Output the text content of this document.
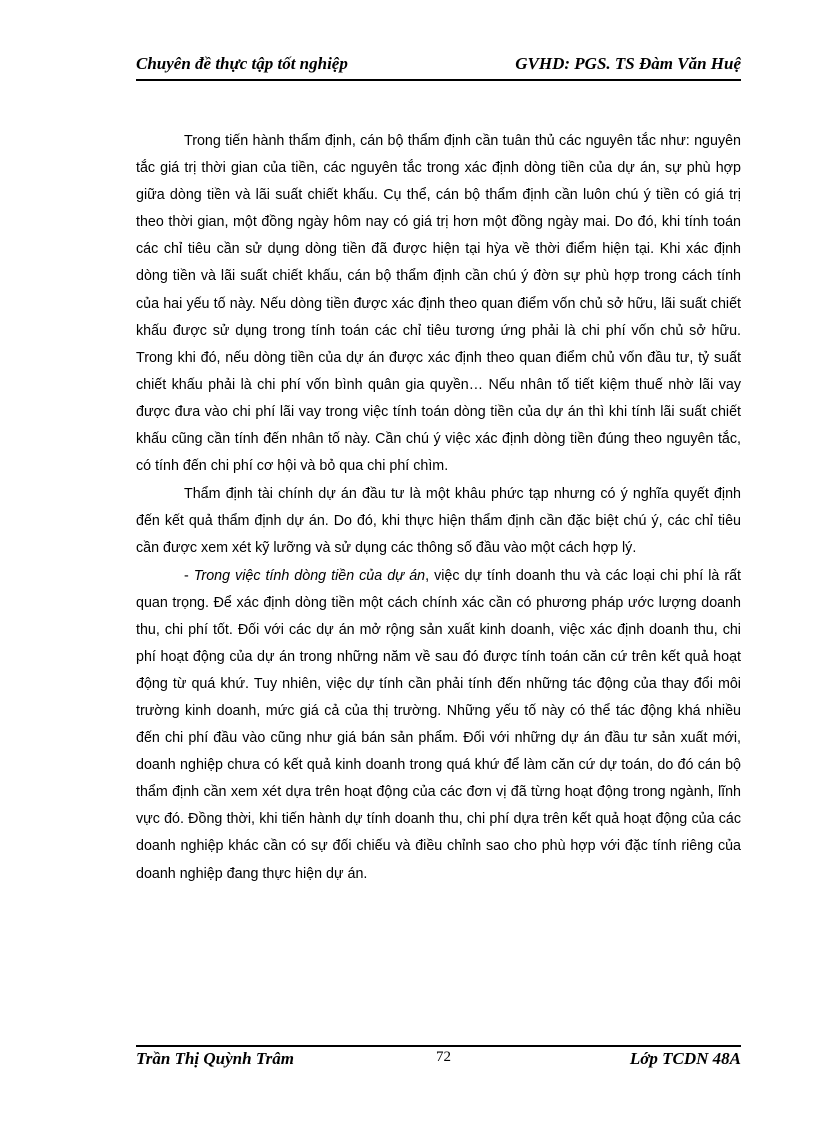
Chuyên đề thực tập tốt nghiệp	GVHD: PGS. TS Đàm Văn Huệ

Trong tiến hành thẩm định, cán bộ thẩm định cần tuân thủ các nguyên tắc như: nguyên tắc giá trị thời gian của tiền, các nguyên tắc trong xác định dòng tiền của dự án, sự phù hợp giữa dòng tiền và lãi suất chiết khấu. Cụ thể, cán bộ thẩm định cần luôn chú ý tiền có giá trị theo thời gian, một đồng ngày hôm nay có giá trị hơn một đồng ngày mai. Do đó, khi tính toán các chỉ tiêu cần sử dụng dòng tiền đã được hiện tại hỳa về thời điểm hiện tại. Khi xác định dòng tiền và lãi suất chiết khấu, cán bộ thẩm định cần chú ý đờn sự phù hợp trong cách tính của hai yếu tố này. Nếu dòng tiền được xác định theo quan điểm vốn chủ sở hữu, lãi suất chiết khấu được sử dụng trong tính toán các chỉ tiêu tương ứng phải là chi phí vốn chủ sở hữu. Trong khi đó, nếu dòng tiền của dự án được xác định theo quan điểm chủ vốn đầu tư, tỷ suất chiết khấu phải là chi phí vốn bình quân gia quyền… Nếu nhân tố tiết kiệm thuế nhờ lãi vay được đưa vào chi phí lãi vay trong việc tính toán dòng tiền của dự án thì khi tính lãi suất chiết khấu cũng cần tính đến nhân tố này. Cần chú ý việc xác định dòng tiền đúng theo nguyên tắc, có tính đến chi phí cơ hội và bỏ qua chi phí chìm.

Thẩm định tài chính dự án đầu tư là một khâu phức tạp nhưng có ý nghĩa quyết định đến kết quả thẩm định dự án. Do đó, khi thực hiện thẩm định cần đặc biệt chú ý, các chỉ tiêu cần được xem xét kỹ lưỡng và sử dụng các thông số đầu vào một cách hợp lý.

- Trong việc tính dòng tiền của dự án, việc dự tính doanh thu và các loại chi phí là rất quan trọng. Để xác định dòng tiền một cách chính xác cần có phương pháp ước lượng doanh thu, chi phí tốt. Đối với các dự án mở rộng sản xuất kinh doanh, việc xác định doanh thu, chi phí hoạt động của dự án trong những năm về sau đó được tính toán căn cứ trên kết quả hoạt động từ quá khứ. Tuy nhiên, việc dự tính cần phải tính đến những tác động của thay đổi môi trường kinh doanh, mức giá cả của thị trường. Những yếu tố này có thể tác động khá nhiều đến chi phí đầu vào cũng như giá bán sản phẩm. Đối với những dự án đầu tư sản xuất mới, doanh nghiệp chưa có kết quả kinh doanh trong quá khứ để làm căn cứ dự toán, do đó cán bộ thẩm định cần xem xét dựa trên hoạt động của các đơn vị đã từng hoạt động trong ngành, lĩnh vực đó. Đồng thời, khi tiến hành dự tính doanh thu, chi phí dựa trên kết quả hoạt động của các doanh nghiệp khác cần có sự đối chiếu và điều chỉnh sao cho phù hợp với đặc tính riêng của doanh nghiệp đang thực hiện dự án.

Trần Thị Quỳnh Trâm	72	Lớp TCDN 48A
